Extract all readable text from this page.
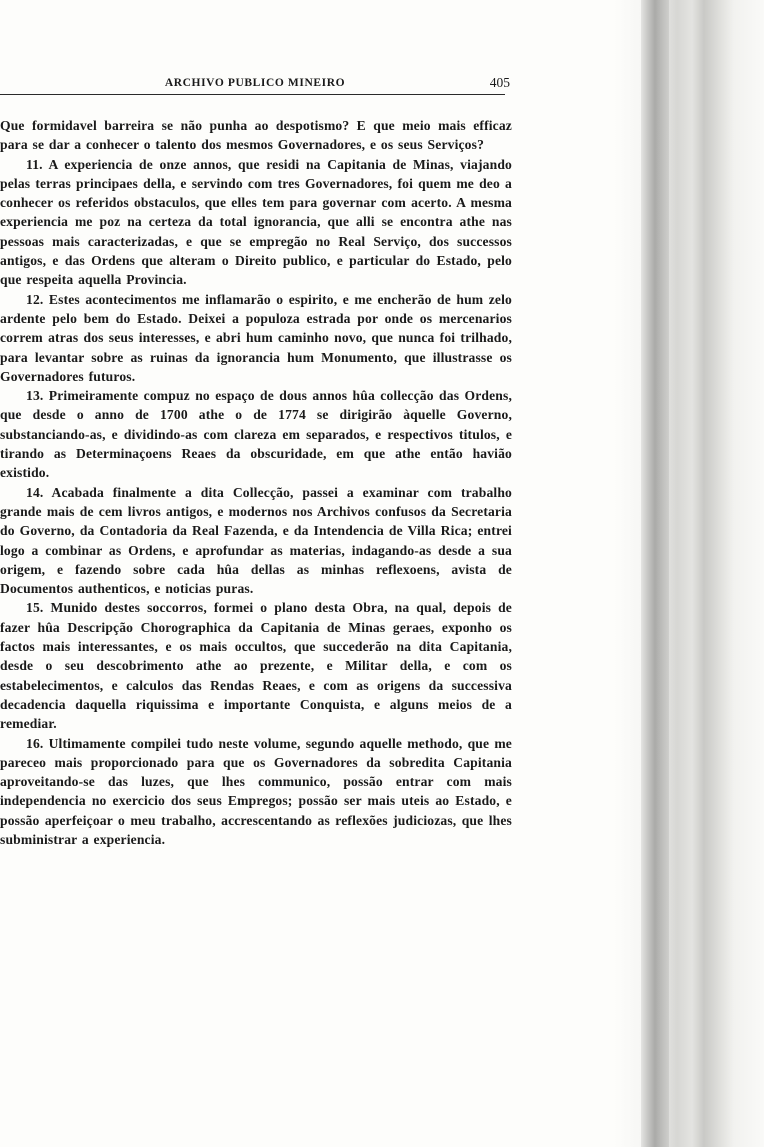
ARCHIVO PUBLICO MINEIRO	405

Que formidavel barreira se não punha ao despotismo? E que meio mais efficaz para se dar a conhecer o talento dos mesmos Governadores, e os seus Serviços?

11. A experiencia de onze annos, que residi na Capitania de Minas, viajando pelas terras principaes della, e servindo com tres Governadores, foi quem me deo a conhecer os referidos obstaculos, que elles tem para governar com acerto. A mesma experiencia me poz na certeza da total ignorancia, que alli se encontra athe nas pessoas mais caracterizadas, e que se empregão no Real Serviço, dos successos antigos, e das Ordens que alteram o Direito publico, e particular do Estado, pelo que respeita aquella Provincia.

12. Estes acontecimentos me inflamarão o espirito, e me encherão de hum zelo ardente pelo bem do Estado. Deixei a populoza estrada por onde os mercenarios correm atras dos seus interesses, e abri hum caminho novo, que nunca foi trilhado, para levantar sobre as ruinas da ignorancia hum Monumento, que illustrasse os Governadores futuros.

13. Primeiramente compuz no espaço de dous annos hûa collecção das Ordens, que desde o anno de 1700 athe o de 1774 se dirigirão àquelle Governo, substanciando-as, e dividindo-as com clareza em separados, e respectivos titulos, e tirando as Determinaçoens Reaes da obscuridade, em que athe então havião existido.

14. Acabada finalmente a dita Collecção, passei a examinar com trabalho grande mais de cem livros antigos, e modernos nos Archivos confusos da Secretaria do Governo, da Contadoria da Real Fazenda, e da Intendencia de Villa Rica; entrei logo a combinar as Ordens, e aprofundar as materias, indagando-as desde a sua origem, e fazendo sobre cada hûa dellas as minhas reflexoens, avista de Documentos authenticos, e noticias puras.

15. Munido destes soccorros, formei o plano desta Obra, na qual, depois de fazer hûa Descripção Chorographica da Capitania de Minas geraes, exponho os factos mais interessantes, e os mais occultos, que succederão na dita Capitania, desde o seu descobrimento athe ao prezente, e Militar della, e com os estabelecimentos, e calculos das Rendas Reaes, e com as origens da successiva decadencia daquella riquissima e importante Conquista, e alguns meios de a remediar.

16. Ultimamente compilei tudo neste volume, segundo aquelle methodo, que me pareceo mais proporcionado para que os Governadores da sobredita Capitania aproveitando-se das luzes, que lhes communico, possão entrar com mais independencia no exercicio dos seus Empregos; possão ser mais uteis ao Estado, e possão aperfeiçoar o meu trabalho, accrescentando as reflexões judiciozas, que lhes subministrar a experiencia.
